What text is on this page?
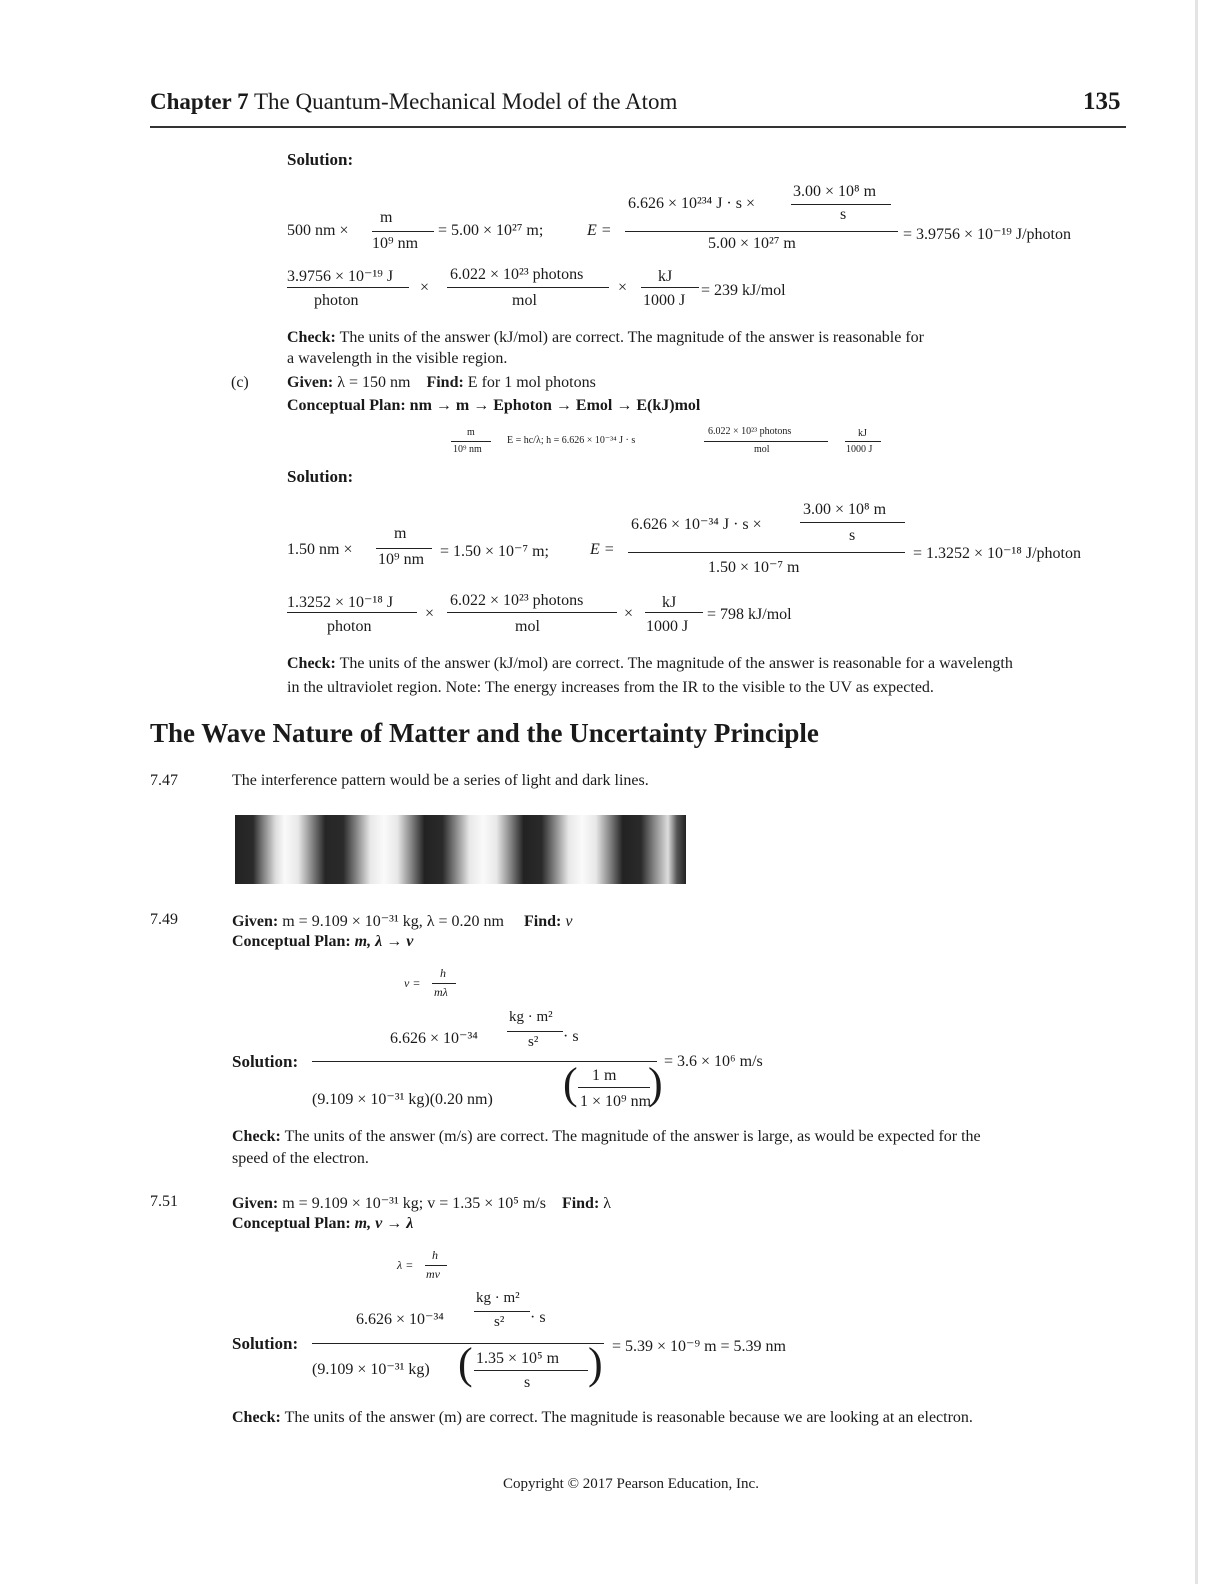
Chapter 7 The Quantum-Mechanical Model of the Atom	135
Solution:
500 nm ×
m
10⁹ nm
= 5.00 × 10²⁷ m;	E =
6.626 × 10²³⁴ J · s ×
3.00 × 10⁸ m
s
5.00 × 10²⁷ m
= 3.9756 × 10⁻¹⁹ J/photon
3.9756 × 10⁻¹⁹ J
photon
×
6.022 × 10²³ photons
mol
×
kJ
1000 J
= 239 kJ/mol
Check: The units of the answer (kJ/mol) are correct. The magnitude of the answer is reasonable for
a wavelength in the visible region.
(c) Given: λ = 150 nm Find: E for 1 mol photons
Conceptual Plan: nm → m → Ephoton → Emol → E(kJ)mol
m
10⁹ nm
E = hc/λ; h = 6.626 × 10⁻³⁴ J · s
6.022 × 10²³ photons
mol
kJ
1000 J
Solution:
1.50 nm ×
m
10⁹ nm = 1.50 × 10⁻⁷ m;	E =
6.626 × 10⁻³⁴ J · s ×
3.00 × 10⁸ m
s
1.50 × 10⁻⁷ m
= 1.3252 × 10⁻¹⁸ J/photon
1.3252 × 10⁻¹⁸ J
photon
×
6.022 × 10²³ photons
mol
×
kJ
1000 J
= 798 kJ/mol
Check: The units of the answer (kJ/mol) are correct. The magnitude of the answer is reasonable for a wavelength
in the ultraviolet region. Note: The energy increases from the IR to the visible to the UV as expected.
The Wave Nature of Matter and the Uncertainty Principle
7.47	The interference pattern would be a series of light and dark lines.
7.49	Given: m = 9.109 × 10⁻³¹ kg, λ = 0.20 nm Find: v
Conceptual Plan: m, λ → v
v =
h
mλ
Solution:
6.626 × 10⁻³⁴
kg · m²
s² · s
(9.109 × 10⁻³¹ kg)(0.20 nm) ( 1 m
1 × 10⁹ nm
) = 3.6 × 10⁶ m/s
Check: The units of the answer (m/s) are correct. The magnitude of the answer is large, as would be expected for the
speed of the electron.
7.51	Given: m = 9.109 × 10⁻³¹ kg; v = 1.35 × 10⁵ m/s Find: λ
Conceptual Plan: m, v → λ
λ =
h
mv
Solution:
6.626 × 10⁻³⁴
kg · m²
s² · s
(9.109 × 10⁻³¹ kg) ( 1.35 × 10⁵ m
s ) = 5.39 × 10⁻⁹ m = 5.39 nm
Check: The units of the answer (m) are correct. The magnitude is reasonable because we are looking at an electron.
Copyright © 2017 Pearson Education, Inc.
